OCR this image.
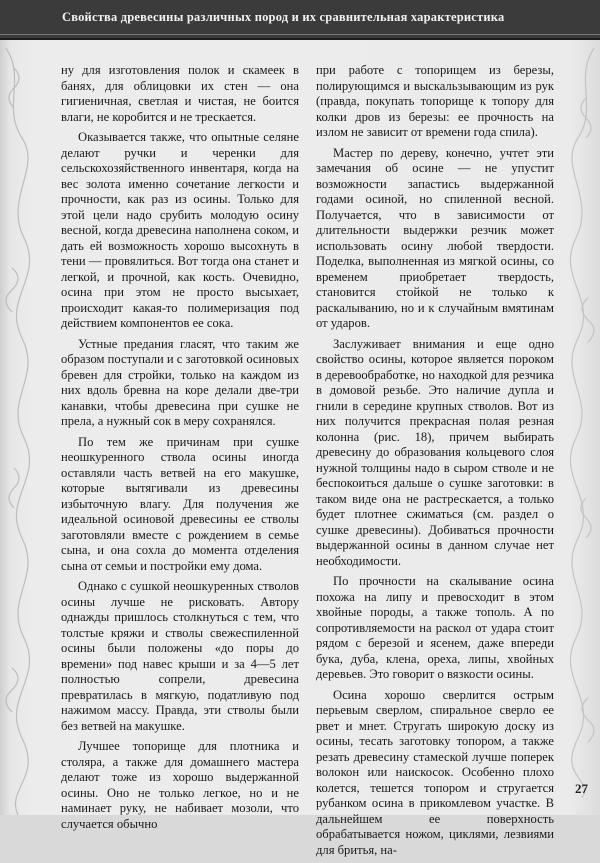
Свойства древесины различных пород и их сравнительная характеристика

ну для изготовления полок и скамеек в банях, для облицовки их стен — она гигиеничная, светлая и чистая, не боится влаги, не коробится и не трескается.

Оказывается также, что опытные селяне делают ручки и черенки для сельскохозяйственного инвентаря, когда на вес золота именно сочетание легкости и прочности, как раз из осины. Только для этой цели надо срубить молодую осину весной, когда древесина наполнена соком, и дать ей возможность хорошо высохнуть в тени — провялиться. Вот тогда она станет и легкой, и прочной, как кость. Очевидно, осина при этом не просто высыхает, происходит какая-то полимеризация под действием компонентов ее сока.

Устные предания гласят, что таким же образом поступали и с заготовкой осиновых бревен для стройки, только на каждом из них вдоль бревна на коре делали две-три канавки, чтобы древесина при сушке не прела, а нужный сок в меру сохранялся.

По тем же причинам при сушке неошкуренного ствола осины иногда оставляли часть ветвей на его макушке, которые вытягивали из древесины избыточную влагу. Для получения же идеальной осиновой древесины ее стволы заготовляли вместе с рождением в семье сына, и она сохла до момента отделения сына от семьи и постройки ему дома.

Однако с сушкой неошкуренных стволов осины лучше не рисковать. Автору однажды пришлось столкнуться с тем, что толстые кряжи и стволы свежеспиленной осины были положены «до поры до времени» под навес крыши и за 4—5 лет полностью сопрели, древесина превратилась в мягкую, податливую под нажимом массу. Правда, эти стволы были без ветвей на макушке.

Лучшее топорище для плотника и столяра, а также для домашнего мастера делают тоже из хорошо выдержанной осины. Оно не только легкое, но и не наминает руку, не набивает мозоли, что случается обычно

при работе с топорищем из березы, полирующимся и выскальзывающим из рук (правда, покупать топорище к топору для колки дров из березы: ее прочность на излом не зависит от времени года спила).

Мастер по дереву, конечно, учтет эти замечания об осине — не упустит возможности запастись выдержанной годами осиной, но спиленной весной. Получается, что в зависимости от длительности выдержки резчик может использовать осину любой твердости. Поделка, выполненная из мягкой осины, со временем приобретает твердость, становится стойкой не только к раскалыванию, но и к случайным вмятинам от ударов.

Заслуживает внимания и еще одно свойство осины, которое является пороком в деревообработке, но находкой для резчика в домовой резьбе. Это наличие дупла и гнили в середине крупных стволов. Вот из них получится прекрасная полая резная колонна (рис. 18), причем выбирать древесину до образования кольцевого слоя нужной толщины надо в сыром стволе и не беспокоиться дальше о сушке заготовки: в таком виде она не растрескается, а только будет плотнее сжиматься (см. раздел о сушке древесины). Добиваться прочности выдержанной осины в данном случае нет необходимости.

По прочности на скалывание осина похожа на липу и превосходит в этом хвойные породы, а также тополь. А по сопротивляемости на раскол от удара стоит рядом с березой и ясенем, даже впереди бука, дуба, клена, ореха, липы, хвойных деревьев. Это говорит о вязкости осины.

Осина хорошо сверлится острым перьевым сверлом, спиральное сверло ее рвет и мнет. Стругать широкую доску из осины, тесать заготовку топором, а также резать древесину стамеской лучше поперек волокон или наискосок. Особенно плохо колется, тешется топором и стругается рубанком осина в прикомлевом участке. В дальнейшем ее поверхность обрабатывается ножом, циклями, лезвиями для бритья, на-

27
